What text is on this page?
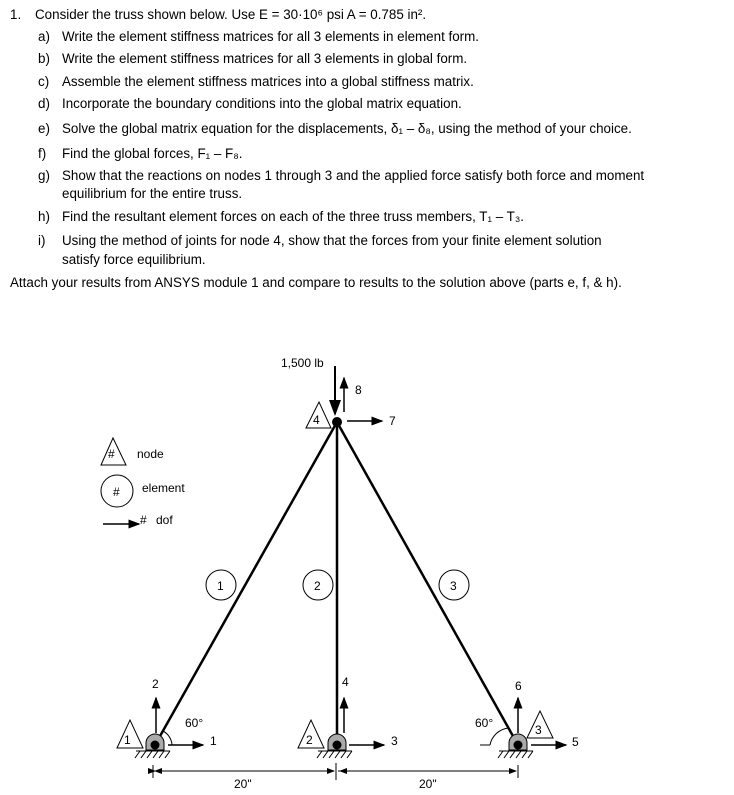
1. Consider the truss shown below. Use E = 30·10⁶ psi A = 0.785 in².
a) Write the element stiffness matrices for all 3 elements in element form.
b) Write the element stiffness matrices for all 3 elements in global form.
c) Assemble the element stiffness matrices into a global stiffness matrix.
d) Incorporate the boundary conditions into the global matrix equation.
e) Solve the global matrix equation for the displacements, δ₁ – δ₈, using the method of your choice.
f) Find the global forces, F₁ – F₈.
g) Show that the reactions on nodes 1 through 3 and the applied force satisfy both force and moment
equilibrium for the entire truss.
h) Find the resultant element forces on each of the three truss members, T₁ – T₃.
i) Using the method of joints for node 4, show that the forces from your finite element solution
satisfy force equilibrium.
Attach your results from ANSYS module 1 and compare to results to the solution above (parts e, f, & h).
1,500 lb
8
7
4
# node
# element
# dof
1	2	3
1	2
3
2
1
4
3
6
5
60°	60°
20"	20"
